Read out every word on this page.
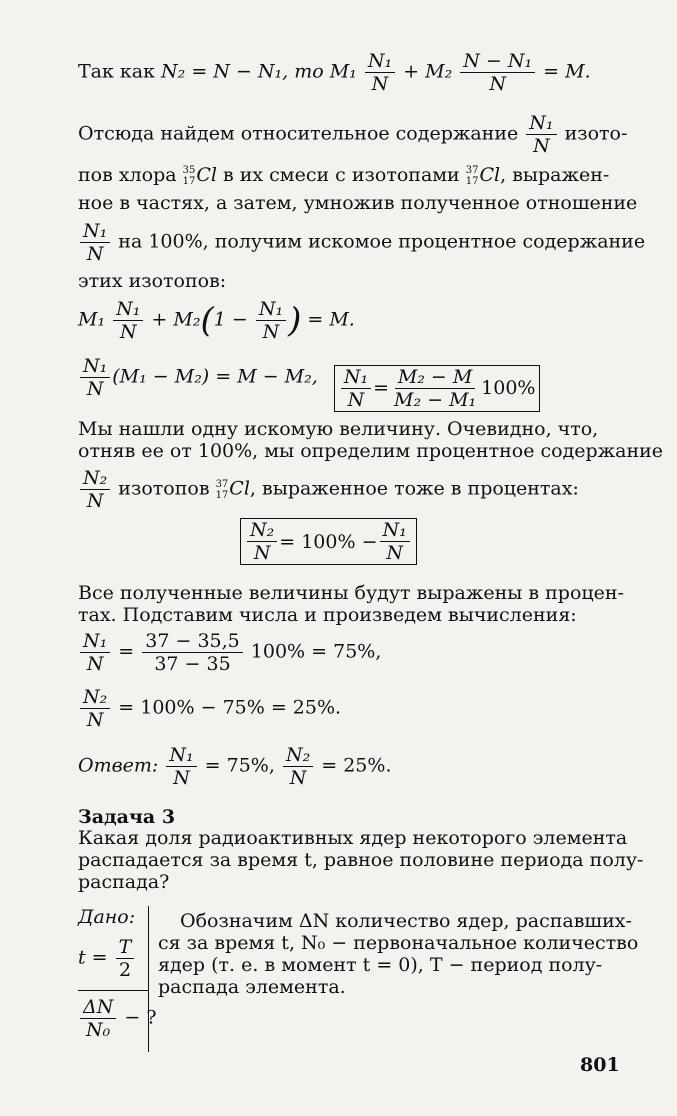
Так как N₂ = N − N₁, то $M_1 \frac{\text{N₁}}{N} + M_2 \frac{\text{N − N₁}}{N} = M$.
Отсюда найдем относительное содержание $\frac{\text{N₁}}{N}$ изото-
пов хлора 35
17 Cl в их смеси с изотопами 37
17 Cl, выражен-
ное в частях, а затем, умножив полученное отношение
$\frac{\text{N₁}}{N}$ на 100%, получим искомое процентное содержание
этих изотопов:
$M_1 \frac{\text{N₁}}{N} + M_2(1 - \frac{\text{N₁}}{N}$ ) = M.
$\frac{\text{N₁}}{N} (M_1 - M_2) = M - M_2$, $\frac{\text{N₁}}{N} = \frac{\text{M₂ − M}}{\text{M₂ − M₁}} 100\%$
Мы нашли одну искомую величину. Очевидно, что,
отняв ее от 100%, мы определим процентное содержание
$\frac{\text{N₂}}{N}$ изотопов 37
17 Cl, выраженное тоже в процентах:
$\frac{\text{N₂}}{N} = 100\% - \frac{\text{N₁}}{N}$
Все полученные величины будут выражены в процен-
тах. Подставим числа и произведем вычисления:
$\frac{\text{N₁}}{N} = \frac{37 - 35,5}{37 - 35} 100\% = 75\%$,
$\frac{\text{N₂}}{N} = 100\% - 75\% = 25\%$.
Ответ: $\frac{\text{N₁}}{N} = 75\%$, $\frac{\text{N₂}}{N} = 25\%$.
Задача 3
Какая доля радиоактивных ядер некоторого элемента
распадается за время t, равное половине периода полу-
распада?
Дано:
$t = \frac{T}{2}$
$\frac{\Delta N}{\text{N₀}}$ − ?
Обозначим ΔN количество ядер, распавших-
ся за время t, N₀ − первоначальное количество
ядер (т. е. в момент t = 0), T − период полу-
распада элемента.
801
